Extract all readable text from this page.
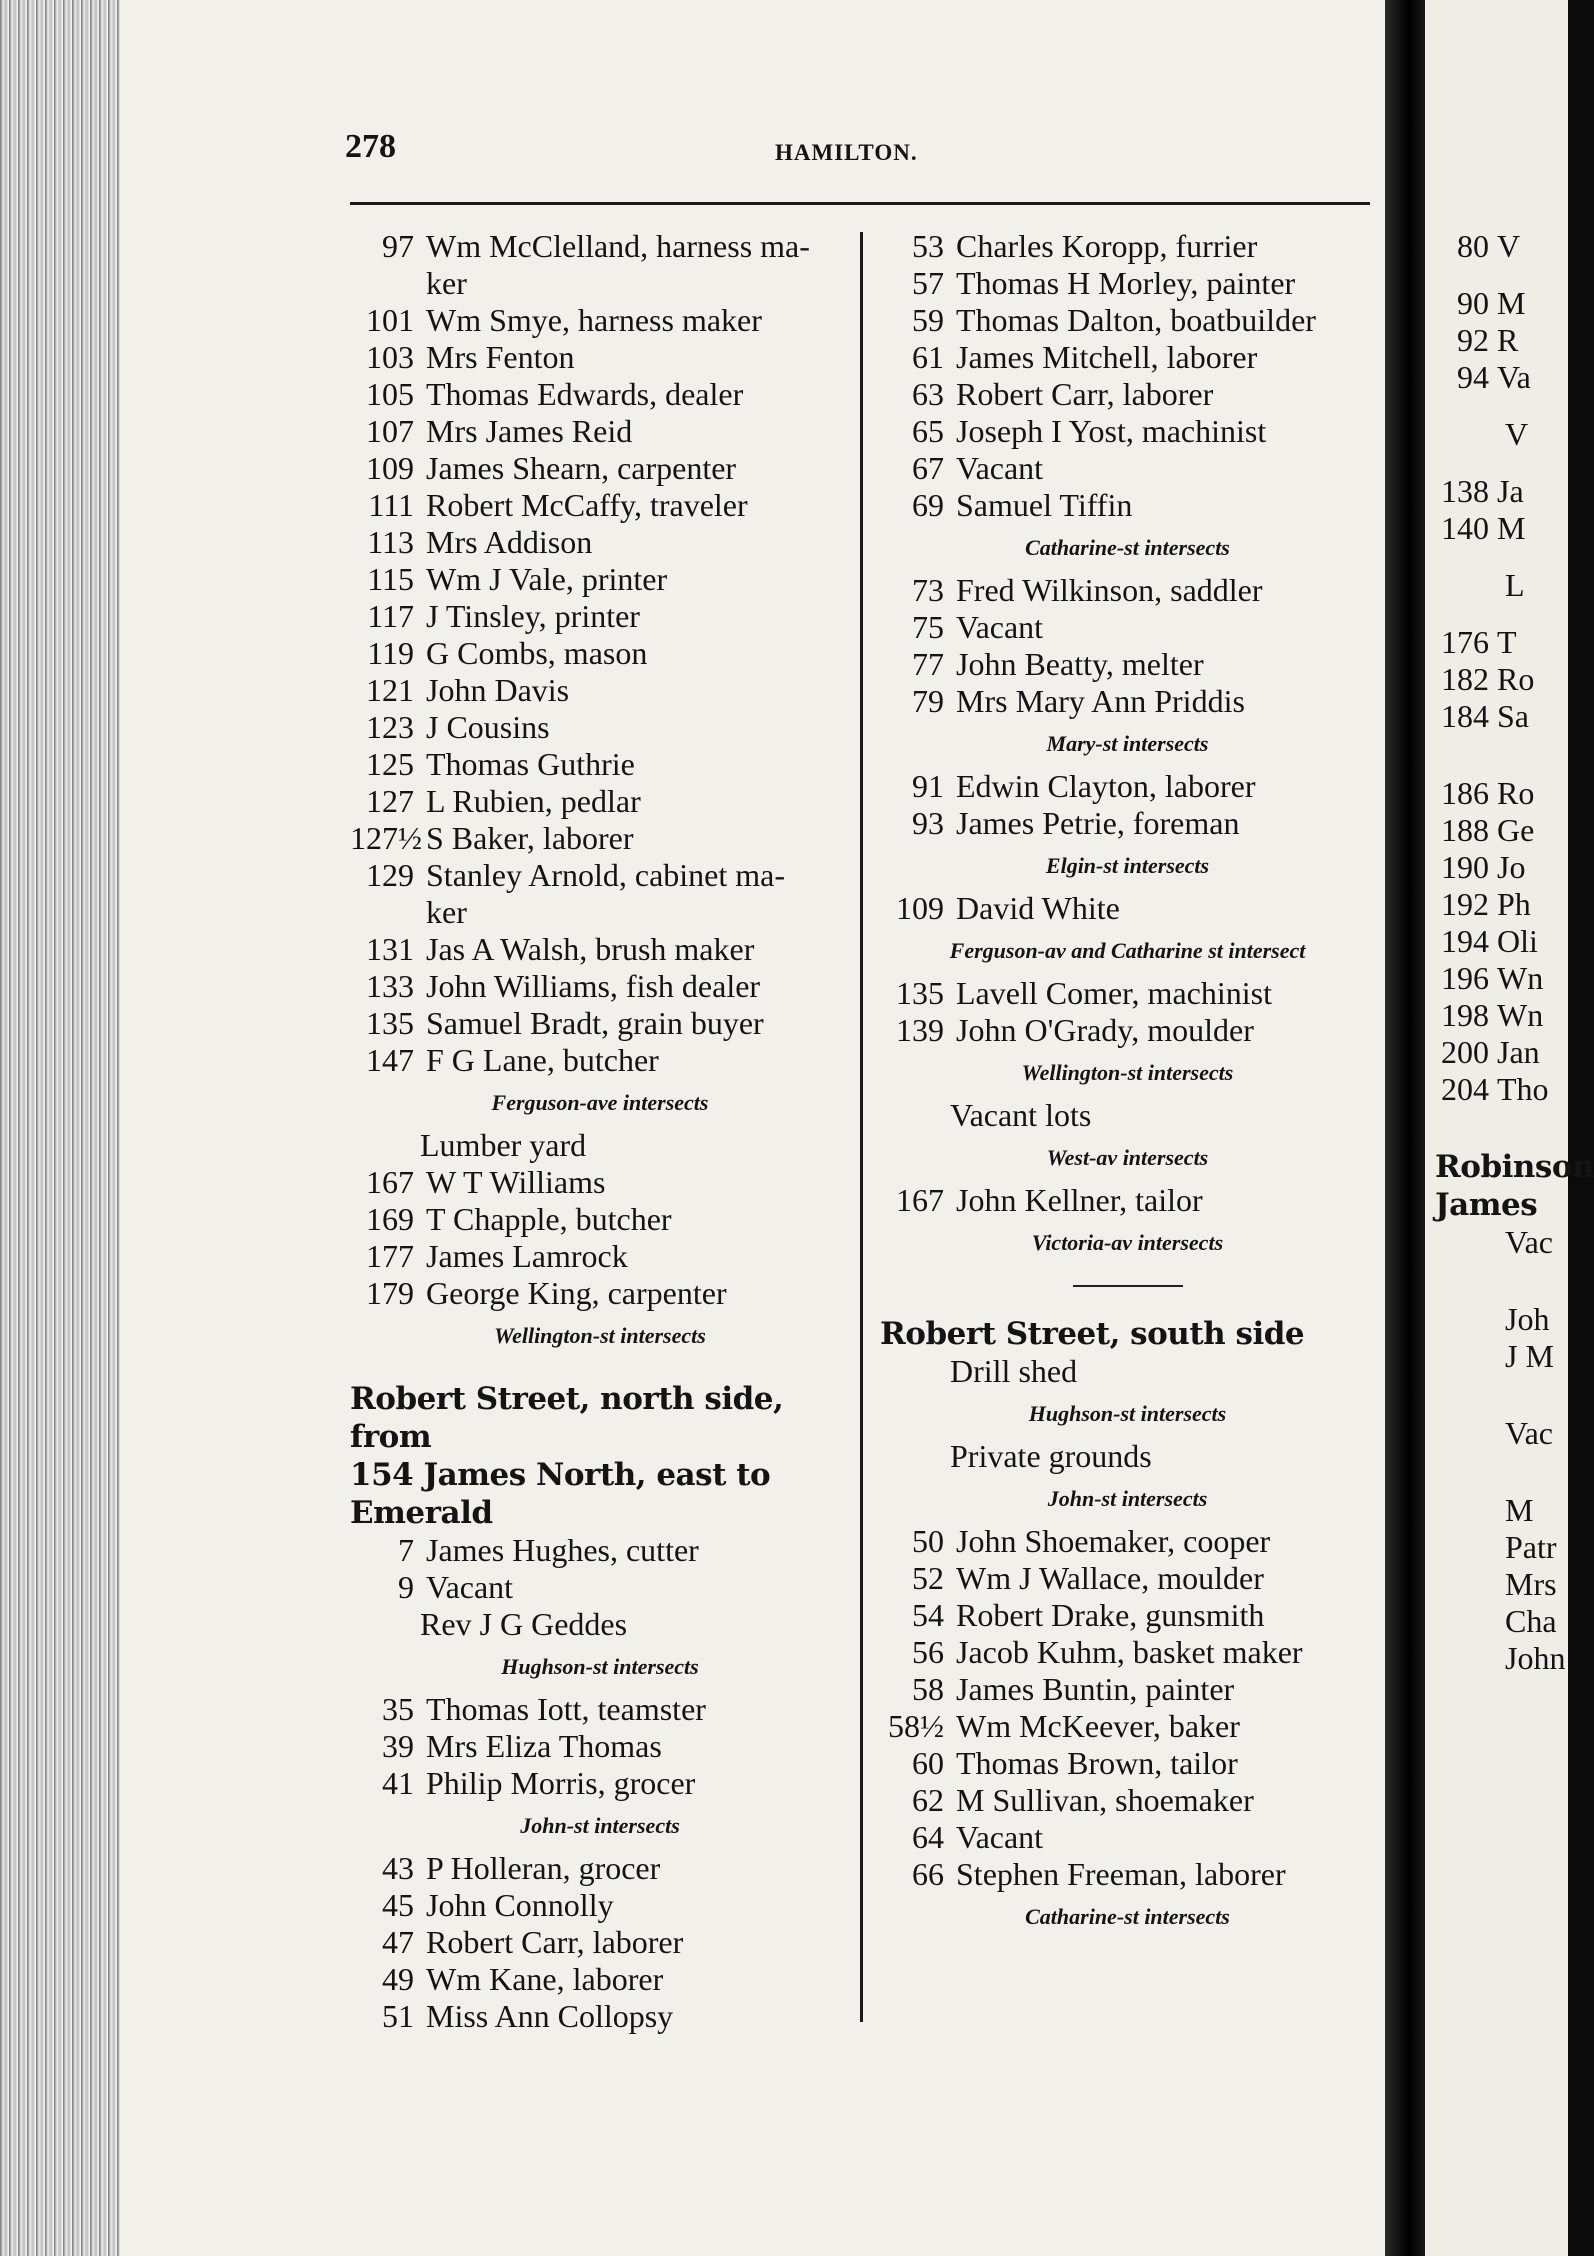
80 V
90 M
92 R
94 Va
V
138 Ja
140 M
L
176 T
182 Ro
184 Sa
186 Ro
188 Ge
190 Jo
192 Ph
194 Oli
196 Wn
198 Wn
200 Jan
204 Tho
Robinson
James
Vac
Joh
J M
Vac
M
Patr
Mrs
Cha
John
278	HAMILTON.
97 Wm McClelland, harness ma-
ker
101 Wm Smye, harness maker
103 Mrs Fenton
105 Thomas Edwards, dealer
107 Mrs James Reid
109 James Shearn, carpenter
111 Robert McCaffy, traveler
113 Mrs Addison
115 Wm J Vale, printer
117 J Tinsley, printer
119 G Combs, mason
121 John Davis
123 J Cousins
125 Thomas Guthrie
127 L Rubien, pedlar
127½ S Baker, laborer
129 Stanley Arnold, cabinet ma-
ker
131 Jas A Walsh, brush maker
133 John Williams, fish dealer
135 Samuel Bradt, grain buyer
147 F G Lane, butcher
Ferguson-ave intersects
Lumber yard
167 W T Williams
169 T Chapple, butcher
177 James Lamrock
179 George King, carpenter
Wellington-st intersects
Robert Street, north side, from
154 James North, east to
Emerald
7 James Hughes, cutter
9 Vacant
Rev J G Geddes
Hughson-st intersects
35 Thomas Iott, teamster
39 Mrs Eliza Thomas
41 Philip Morris, grocer
John-st intersects
43 P Holleran, grocer
45 John Connolly
47 Robert Carr, laborer
49 Wm Kane, laborer
51 Miss Ann Collopsy
53 Charles Koropp, furrier
57 Thomas H Morley, painter
59 Thomas Dalton, boatbuilder
61 James Mitchell, laborer
63 Robert Carr, laborer
65 Joseph I Yost, machinist
67 Vacant
69 Samuel Tiffin
Catharine-st intersects
73 Fred Wilkinson, saddler
75 Vacant
77 John Beatty, melter
79 Mrs Mary Ann Priddis
Mary-st intersects
91 Edwin Clayton, laborer
93 James Petrie, foreman
Elgin-st intersects
109 David White
Ferguson-av and Catharine st intersect
135 Lavell Comer, machinist
139 John O'Grady, moulder
Wellington-st intersects
Vacant lots
West-av intersects
167 John Kellner, tailor
Victoria-av intersects
Robert Street, south side
Drill shed
Hughson-st intersects
Private grounds
John-st intersects
50 John Shoemaker, cooper
52 Wm J Wallace, moulder
54 Robert Drake, gunsmith
56 Jacob Kuhm, basket maker
58 James Buntin, painter
58½ Wm McKeever, baker
60 Thomas Brown, tailor
62 M Sullivan, shoemaker
64 Vacant
66 Stephen Freeman, laborer
Catharine-st intersects
